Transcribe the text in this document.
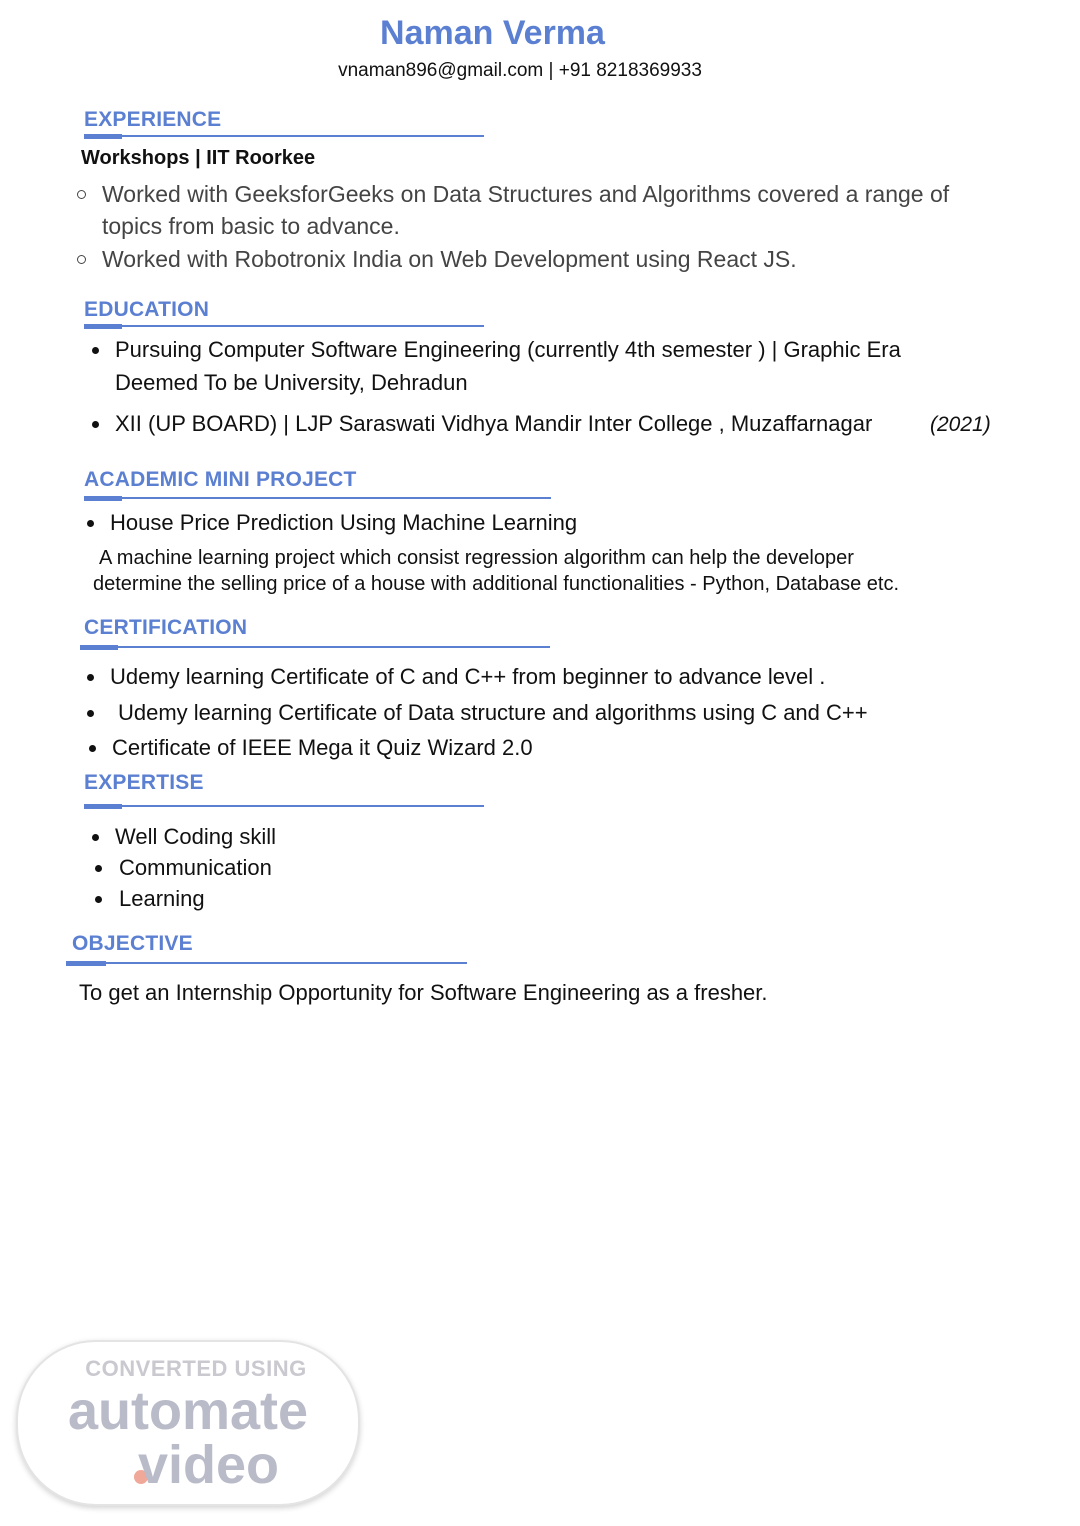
Naman Verma
vnaman896@gmail.com | +91 8218369933
EXPERIENCE
Workshops | IIT Roorkee
Worked with GeeksforGeeks on Data Structures and Algorithms covered a range of
topics from basic to advance.
Worked with Robotronix India on Web Development using React JS.
EDUCATION
Pursuing Computer Software Engineering (currently 4th semester ) | Graphic Era
Deemed To be University, Dehradun
XII (UP BOARD) | LJP Saraswati Vidhya Mandir Inter College , Muzaffarnagar	(2021)
ACADEMIC MINI PROJECT
House Price Prediction Using Machine Learning
A machine learning project which consist regression algorithm can help the developer
determine the selling price of a house with additional functionalities - Python, Database etc.
CERTIFICATION
Udemy learning Certificate of C and C++ from beginner to advance level .
Udemy learning Certificate of Data structure and algorithms using C and C++
Certificate of IEEE Mega it Quiz Wizard 2.0
EXPERTISE
Well Coding skill
Communication
Learning
OBJECTIVE
To get an Internship Opportunity for Software Engineering as a fresher.
CONVERTED USING
automate
video
